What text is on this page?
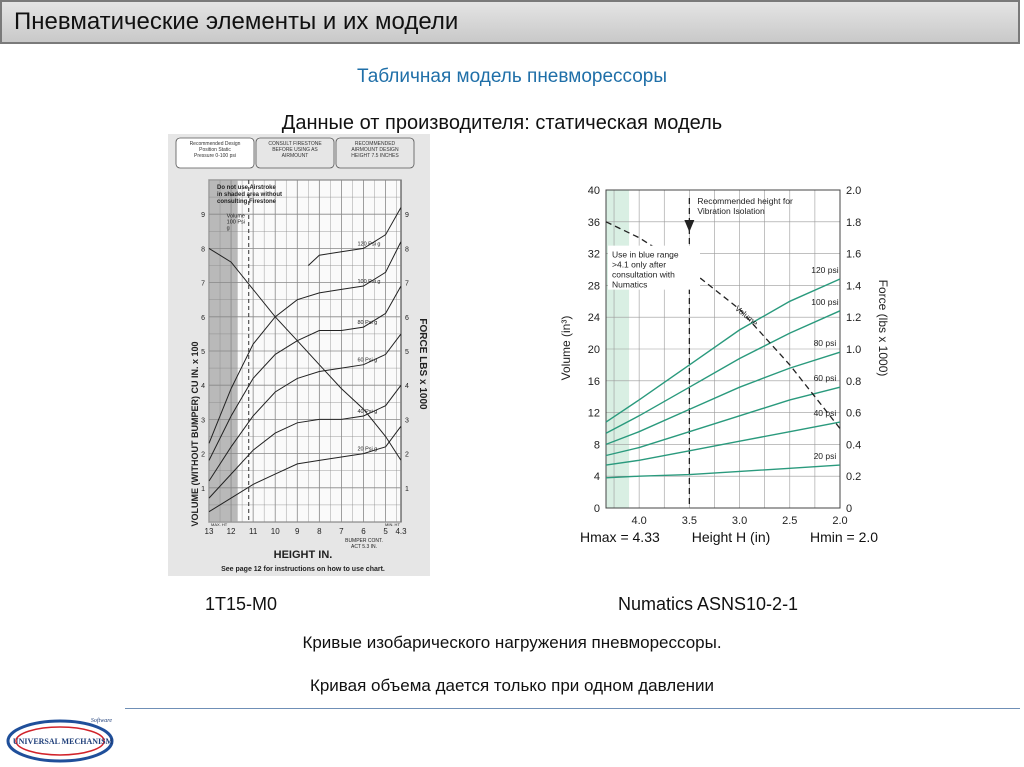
Пневматические элементы и их модели
Табличная модель пневморессоры
Данные от производителя: статическая модель
Recommended Design
Position Static
Pressure 0-100 psi
CONSULT FIRESTONE
BEFORE USING AS
AIRMOUNT
RECOMMENDED
AIRMOUNT DESIGN
HEIGHT 7.5 INCHES
1	1
2	2
3	3
4	4
5	5
6	6
7	7
8	8
9	9
13 12 11 10 9 8 7 6 5 4.3
MAX. HT	MIN. HT
BUMPER CONT.
ACT 5.3 IN.
Do not use Airstroke
in shaded area without
consulting Firestone
20 Psi g
40 Psi g
60 Psi g
80 Psi g
100 Psi g
120 Psi g
Volume
100 Psi
g
HEIGHT IN.
See page 12 for instructions on how to use chart.
VOLUME (WITHOUT BUMPER) CU IN. x 100	FORCE LBS x 1000
Recommended height for
Vibration Isolation
Use in blue range
>4.1 only after
consultation with
Numatics
0
4
8
12
16
20
24
28
32
36
40
0
0.2
0.4
0.6
0.8
1.0
1.2
1.4
1.6
1.8
2.0
4.0	3.5	3.0	2.5	2.0
20 psi
40 psi
60 psi
80 psi
100 psi
120 psi
Volume
Volume (in³)	Force (lbs x 1000)
Hmax = 4.33 Height H (in)	Hmin = 2.0
1T15-M0	Numatics ASNS10-2-1
Кривые изобарического нагружения пневморессоры.
Кривая объема дается только при одном давлении
UNIVERSAL MECHANISM
Software
